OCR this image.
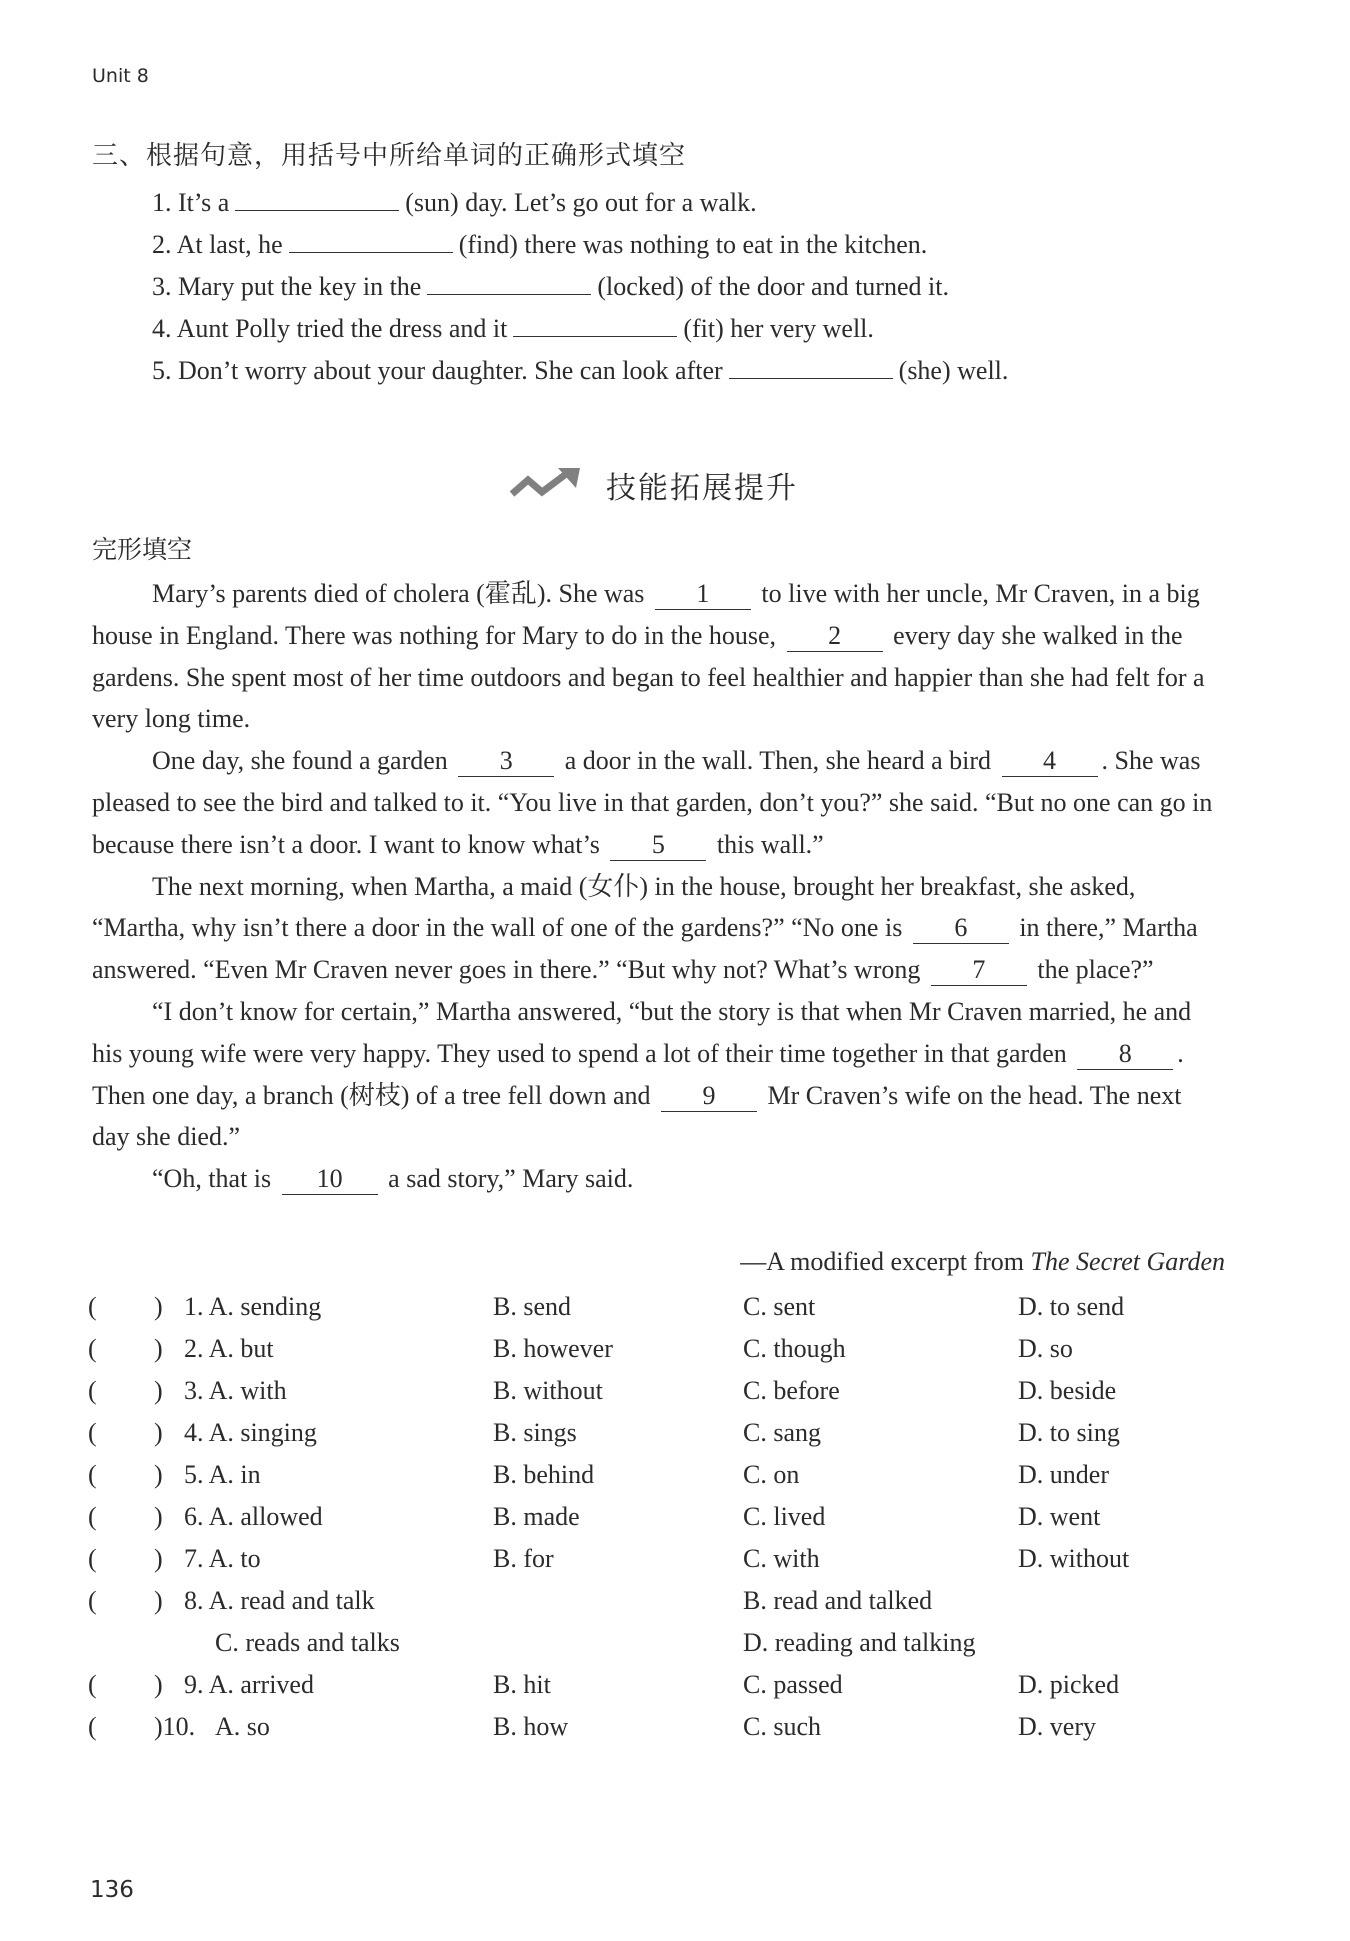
Unit 8
三、根据句意，用括号中所给单词的正确形式填空
1. It’s a	(sun) day. Let’s go out for a walk.
2. At last, he	(find) there was nothing to eat in the kitchen.
3. Mary put the key in the	(locked) of the door and turned it.
4. Aunt Polly tried the dress and it	(fit) her very well.
5. Don’t worry about your daughter. She can look after	(she) well.
技能拓展提升
完形填空

Mary’s parents died of cholera (霍乱). She was 1 to live with her uncle, Mr Craven, in a big house in England. There was nothing for Mary to do in the house, 2 every day she walked in the gardens. She spent most of her time outdoors and began to feel healthier and happier than she had felt for a very long time.

One day, she found a garden 3 a door in the wall. Then, she heard a bird 4 . She was pleased to see the bird and talked to it. “You live in that garden, don’t you?” she said. “But no one can go in because there isn’t a door. I want to know what’s 5 this wall.”

The next morning, when Martha, a maid (女仆) in the house, brought her breakfast, she asked, “Martha, why isn’t there a door in the wall of one of the gardens?” “No one is 6 in there,” Martha answered. “Even Mr Craven never goes in there.” “But why not? What’s wrong 7 the place?”

“I don’t know for certain,” Martha answered, “but the story is that when Mr Craven married, he and his young wife were very happy. They used to spend a lot of their time together in that garden 8 . Then one day, a branch (树枝) of a tree fell down and 9 Mr Craven’s wife on the head. The next day she died.”

“Oh, that is 10 a sad story,” Mary said.

—A modified excerpt from The Secret Garden
( ) 1. A. sending	B. send	C. sent	D. to send
( ) 2. A. but	B. however	C. though	D. so
( ) 3. A. with	B. without	C. before	D. beside
( ) 4. A. singing	B. sings	C. sang	D. to sing
( ) 5. A. in	B. behind	C. on	D. under
( ) 6. A. allowed	B. made	C. lived	D. went
( ) 7. A. to	B. for	C. with	D. without
( ) 8. A. read and talk	B. read and talked
C. reads and talks	D. reading and talking
( ) 9. A. arrived	B. hit	C. passed	D. picked
( )10. A. so	B. how	C. such	D. very
136
